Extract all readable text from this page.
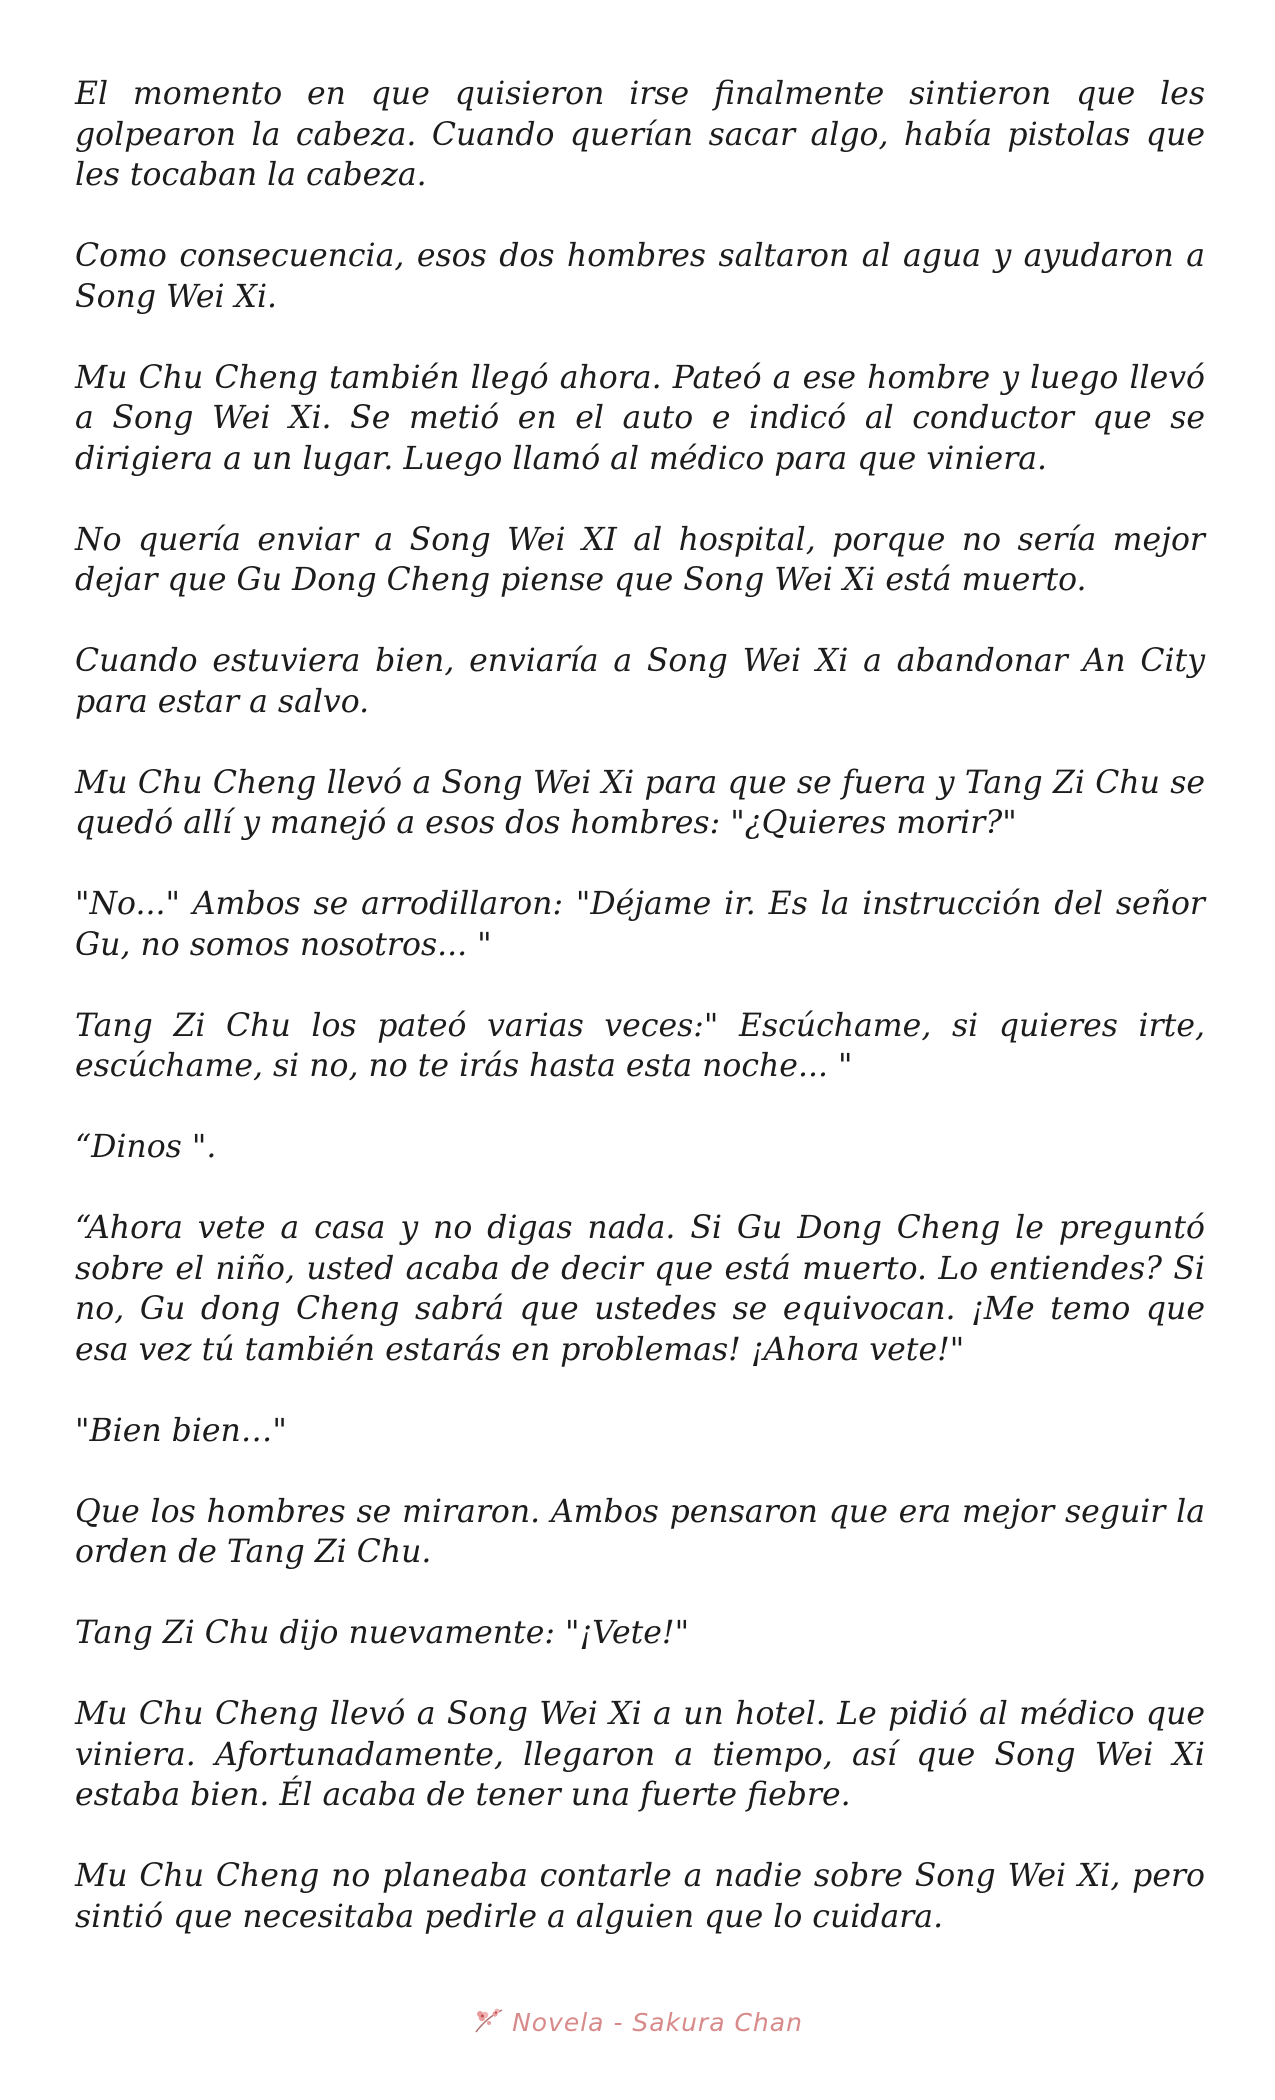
El momento en que quisieron irse finalmente sintieron que les golpearon la cabeza. Cuando querían sacar algo, había pistolas que les tocaban la cabeza.

Como consecuencia, esos dos hombres saltaron al agua y ayudaron a Song Wei Xi.

Mu Chu Cheng también llegó ahora. Pateó a ese hombre y luego llevó a Song Wei Xi. Se metió en el auto e indicó al conductor que se dirigiera a un lugar. Luego llamó al médico para que viniera.

No quería enviar a Song Wei XI al hospital, porque no sería mejor dejar que Gu Dong Cheng piense que Song Wei Xi está muerto.

Cuando estuviera bien, enviaría a Song Wei Xi a abandonar An City para estar a salvo.

Mu Chu Cheng llevó a Song Wei Xi para que se fuera y Tang Zi Chu se quedó allí y manejó a esos dos hombres: "¿Quieres morir?"

"No..." Ambos se arrodillaron: "Déjame ir. Es la instrucción del señor Gu, no somos nosotros... "

Tang Zi Chu los pateó varias veces:" Escúchame, si quieres irte, escúchame, si no, no te irás hasta esta noche... "

“Dinos ".

“Ahora vete a casa y no digas nada. Si Gu Dong Cheng le preguntó sobre el niño, usted acaba de decir que está muerto. Lo entiendes? Si no, Gu dong Cheng sabrá que ustedes se equivocan. ¡Me temo que esa vez tú también estarás en problemas! ¡Ahora vete!"

"Bien bien…"

Que los hombres se miraron. Ambos pensaron que era mejor seguir la orden de Tang Zi Chu.

Tang Zi Chu dijo nuevamente: "¡Vete!"

Mu Chu Cheng llevó a Song Wei Xi a un hotel. Le pidió al médico que viniera. Afortunadamente, llegaron a tiempo, así que Song Wei Xi estaba bien. Él acaba de tener una fuerte fiebre.

Mu Chu Cheng no planeaba contarle a nadie sobre Song Wei Xi, pero sintió que necesitaba pedirle a alguien que lo cuidara.

Novela - Sakura Chan
